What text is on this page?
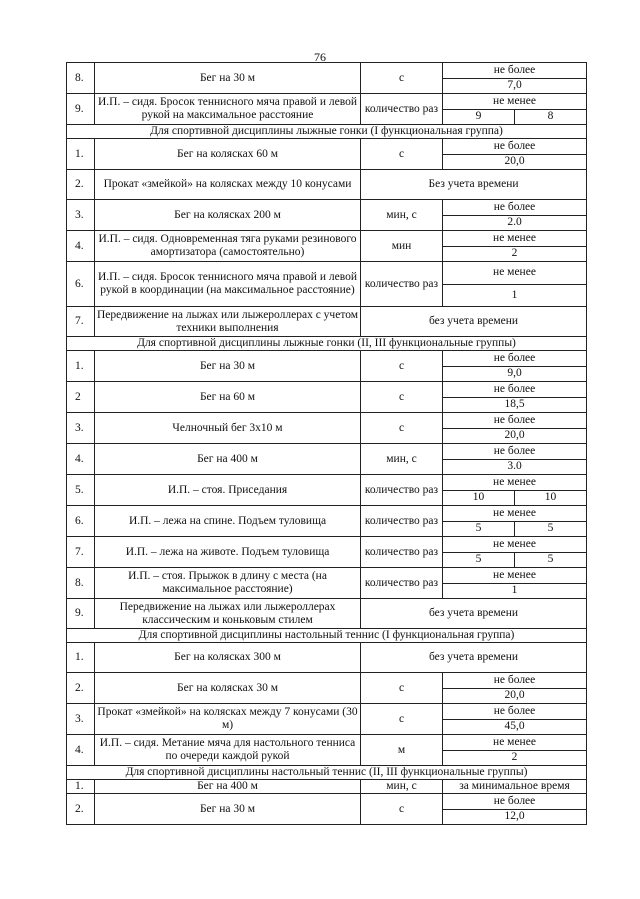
76
8.	Бег на 30 м	с	не более
7,0

9.	И.П. – сидя. Бросок теннисного мяча правой и левой рукой на максимальное расстояние	количество раз	не менее
9 8

Для спортивной дисциплины лыжные гонки (I функциональная группа)			
1.	Бег на колясках 60 м	с	не более
20,0

2.	Прокат «змейкой» на колясках между 10 конусами	Без учета времени	
3.	Бег на колясках 200 м	мин, с	не более
2.0

4.	И.П. – сидя. Одновременная тяга руками резинового амортизатора (самостоятельно)	мин	не менее
2

6.	И.П. – сидя. Бросок теннисного мяча правой и левой рукой в координации (на максимальное расстояние)	количество раз	не менее
1

7.	Передвижение на лыжах или лыжероллерах с учетом техники выполнения	без учета времени	
Для спортивной дисциплины лыжные гонки (II, III функциональные группы)			
1.	Бег на 30 м	с	не более
9,0

2	Бег на 60 м	с	не более
18,5

3.	Челночный бег 3x10 м	с	не более
20,0

4.	Бег на 400 м	мин, с	не более
3.0

5.	И.П. – стоя. Приседания	количество раз	не менее
10 10

6.	И.П. – лежа на спине. Подъем туловища	количество раз	не менее
5 5

7.	И.П. – лежа на животе. Подъем туловища	количество раз	не менее
5 5

8.	И.П. – стоя. Прыжок в длину с места (на максимальное расстояние)	количество раз	не менее
1

9.	Передвижение на лыжах или лыжероллерах классическим и коньковым стилем	без учета времени	
Для спортивной дисциплины настольный теннис (I функциональная группа)			
1.	Бег на колясках 300 м	без учета времени	
2.	Бег на колясках 30 м	с	не более
20,0

3.	Прокат «змейкой» на колясках между 7 конусами (30 м)	с	не более
45,0

4.	И.П. – сидя. Метание мяча для настольного тенниса по очереди каждой рукой	м	не менее
2

Для спортивной дисциплины настольный теннис (II, III функциональные группы)			
1.	Бег на 400 м	мин, с	за минимальное время
2.	Бег на 30 м	с	не более
12,0
